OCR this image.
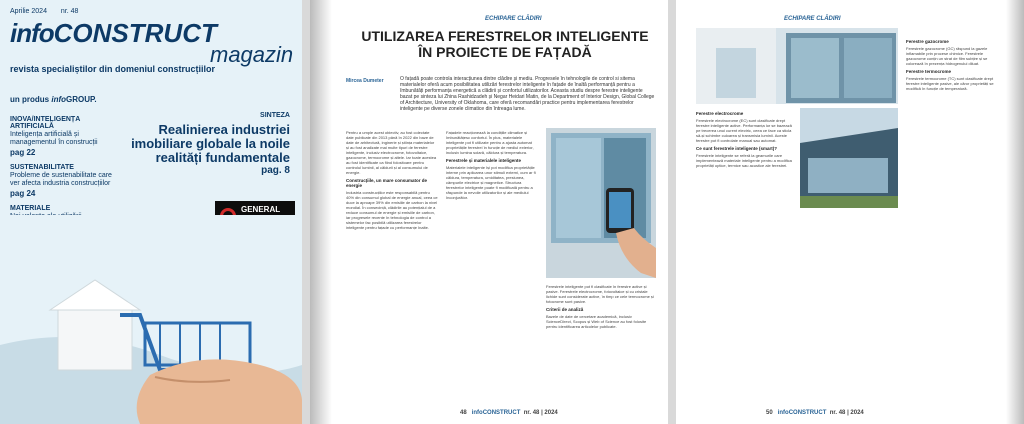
Aprilie 2024 nr. 48
infoCONSTRUCT
magazin
revista specialiștilor din domeniul construcțiilor
un produs infoGROUP.
INOVA/INTELIGENȚA ARTIFICIALĂ
Inteligența artificială și managementul în construcții
pag 22
SUSTENABILITATE
Probleme de sustenabilitate care ver afecta industria construcțiilor
pag 24
MATERIALE
SINTEZA
Realinierea industriei imobiliare globale la noile realități fundamentale
pag. 8
GENERAL
ECHIPARE CLĂDIRI
UTILIZAREA FERESTRELOR INTELIGENTE ÎN PROIECTE DE FAȚADĂ
Mircea Dumeter	O fațadă poate controla interacțiunea dintre clădire și mediu. Progresele în tehnologile de control si sitema materialelor oferă acum posibilitatea utilizări ferestrelor inteligente în fațade de înaltă performanță pentru a îmbunătăți performanța energetică a clădirii și confortul utilizatorilor. Aceasta studiu despre ferestre inteligente bazat pe sinteza lui Zhina Rashidzadeh și Negar Heidari Matin, de la Department of Interior Design, Global College of Architecture, University of Oklahoma, care oferă recomandări practice pentru implementarea ferestrelor inteligente pe diverse zonele climatice din întreaga lume.
Pentru a umple acest obiectiv, au fost colectate date publicate din 2013 până în 2022 din baze de date de arhitectură, inginerie și știința materialelor și au fost analizate mai multe tipuri de ferestre inteligente, inclusiv electrocrome, fotovoltaice, gazocrome, termocrome și altele. Iar toate acestea au fost identificate ca fiind folositoare pentru controlul luminii, al căldurii și al consumului de energie.
Construcțiile, un mare consumator de energie
Industria construcțiilor este responsabilă pentru 40% din consumul global de energie anual, ceea ce duce la aproape 39% din emisiile de carbon la nivel mondial. În consecință, clădirile au potențialul de a reduce consumul de energie și emisiile de carbon, iar progresele recente în tehnologia de control a sistemelor fac posibilă utilizarea ferestrelor inteligente pentru fațade cu performanțe înalte.
Fațadele reacționează la condițiile climatice și îmbunătățesc confortul. În plus, materialele inteligente pot fi utilizate pentru a ajusta automat proprietățile ferestrei în funcție de mediul exterior, inclusiv lumina solară, căldura și temperatura.
Ferestrele și materialele inteligente
Materialele inteligente își pot modifica proprietățile interne prin aplicarea unor stimuli externi, cum ar fi căldura, temperatura, umiditatea, presiunea, câmpurile electrice și magnetice. Structura ferestrelor inteligente poate fi modificată pentru a răspunde la nevoile utilizatorilor și ale mediului înconjurător.
Ferestrele inteligente pot fi clasificate în ferestre active și pasive. Ferestrele electrocrome, fotovoltaice și cu cristale lichide sunt considerate active, în timp ce cele termocrome și fotocrome sunt pasive.
Criterii de analiză
Bazele de date de cercetare academică, inclusiv ScienceDirect, Scopus și Web of Science au fost folosite pentru identificarea articolelor publicate.
48 infoCONSTRUCT nr. 48 | 2024
ECHIPARE CLĂDIRI
Ferestre electrocrome
Ferestrele electrocrome (EC) sunt clasificate drept ferestre inteligente active. Performanța lor se bazează pe trecerea unui curent electric, ceea ce face ca sticla să-și schimbe culoarea și transmisia luminii. Aceste ferestre pot fi controlate manual sau automat.
Ce sunt ferestrele inteligente (smart)?
Ferestrele inteligente se referă la geamurile care implementează materiale inteligente pentru a modifica proprietăți optice, termice sau acustice ale ferestrei.
Ferestre gazocrome
Ferestrele gazocrome (GC) răspund la gazele inflamabile prin procese chimice. Ferestrele gazocrome conțin un strat de film subțire și se colorează în prezența hidrogenului diluat.
Ferestre termocrome
Ferestrele termocrome (TC) sunt clasificate drept ferestre inteligente pasive, ale căror proprietăți se modifică în funcție de temperatură.
50 infoCONSTRUCT nr. 48 | 2024
